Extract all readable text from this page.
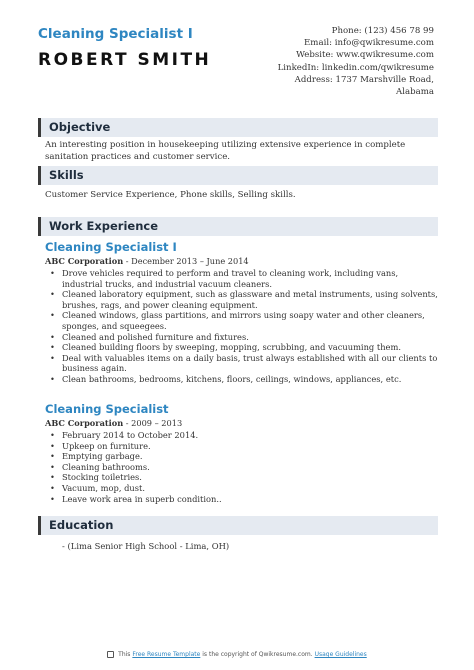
Cleaning Specialist I
ROBERT SMITH
Phone: (123) 456 78 99
Email: info@qwikresume.com
Website: www.qwikresume.com
LinkedIn: linkedin.com/qwikresume
Address: 1737 Marshville Road,
Alabama
Objective
An interesting position in housekeeping utilizing extensive experience in complete sanitation practices and customer service.
Skills
Customer Service Experience, Phone skills, Selling skills.
Work Experience
Cleaning Specialist I
ABC Corporation - December 2013 – June 2014
• Drove vehicles required to perform and travel to cleaning work, including vans, industrial trucks, and industrial vacuum cleaners.
• Cleaned laboratory equipment, such as glassware and metal instruments, using solvents, brushes, rags, and power cleaning equipment.
• Cleaned windows, glass partitions, and mirrors using soapy water and other cleaners, sponges, and squeegees.
• Cleaned and polished furniture and fixtures.
• Cleaned building floors by sweeping, mopping, scrubbing, and vacuuming them.
• Deal with valuables items on a daily basis, trust always established with all our clients to business again.
• Clean bathrooms, bedrooms, kitchens, floors, ceilings, windows, appliances, etc.
Cleaning Specialist
ABC Corporation - 2009 – 2013
• February 2014 to October 2014.
• Upkeep on furniture.
• Emptying garbage.
• Cleaning bathrooms.
• Stocking toiletries.
• Vacuum, mop, dust.
• Leave work area in superb condition..
Education
- (Lima Senior High School - Lima, OH)
This Free Resume Template is the copyright of Qwikresume.com. Usage Guidelines
